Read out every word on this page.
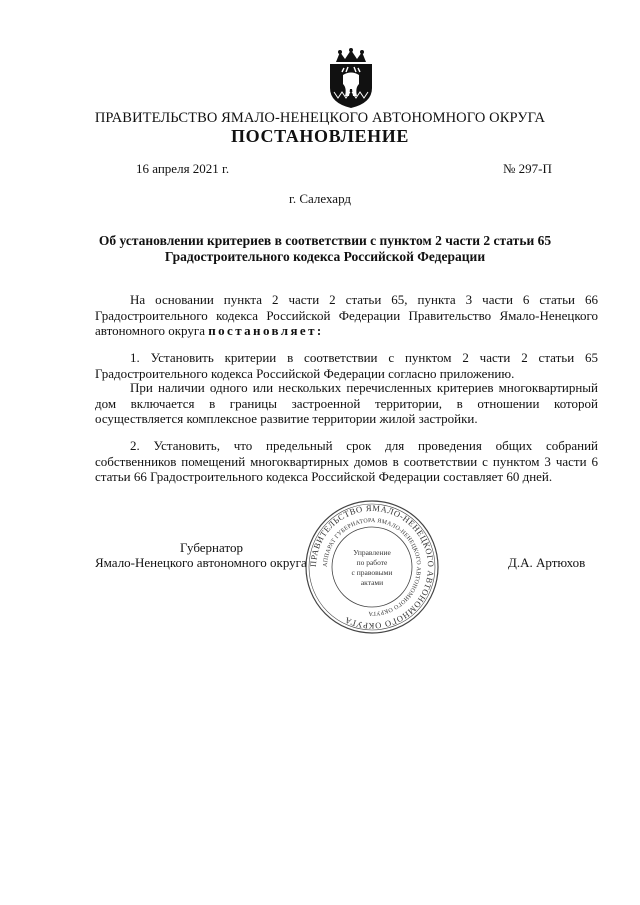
ПРАВИТЕЛЬСТВО ЯМАЛО-НЕНЕЦКОГО АВТОНОМНОГО ОКРУГА
ПОСТАНОВЛЕНИЕ
16 апреля 2021 г.	№ 297-П
г. Салехард
Об установлении критериев в соответствии с пунктом 2 части 2 статьи 65 Градостроительного кодекса Российской Федерации
На основании пункта 2 части 2 статьи 65, пункта 3 части 6 статьи 66 Градостроительного кодекса Российской Федерации Правительство Ямало-Ненецкого автономного округа постановляет:
1. Установить критерии в соответствии с пунктом 2 части 2 статьи 65 Градостроительного кодекса Российской Федерации согласно приложению.
При наличии одного или нескольких перечисленных критериев многоквартирный дом включается в границы застроенной территории, в отношении которой осуществляется комплексное развитие территории жилой застройки.
2. Установить, что предельный срок для проведения общих собраний собственников помещений многоквартирных домов в соответствии с пунктом 3 части 6 статьи 66 Градостроительного кодекса Российской Федерации составляет 60 дней.
Губернатор
Ямало-Ненецкого автономного округа	Д.А. Артюхов
ПРАВИТЕЛЬСТВО ЯМАЛО-НЕНЕЦКОГО АВТОНОМНОГО ОКРУГА
АППАРАТ ГУБЕРНАТОРА ЯМАЛО-НЕНЕЦКОГО АВТОНОМНОГО ОКРУГА
Управление
по работе
с правовыми
актами
